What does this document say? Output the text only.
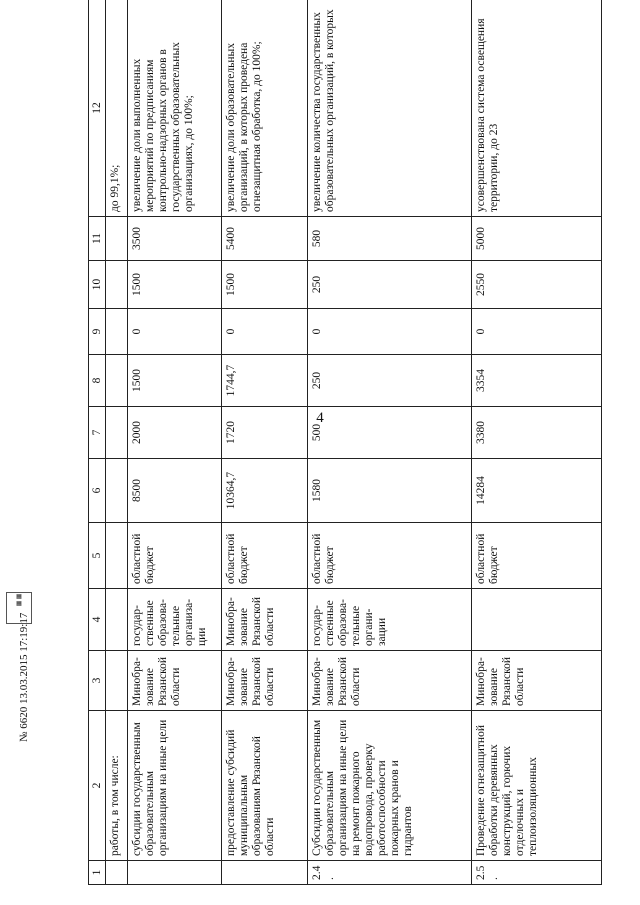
4
1	2	3	4	5	6	7	8	9	10	11	12
	работы, в том числе:										до 99,1%;
	субсидии государственным образовательным организациям на иные цели	Минобра-зование Рязанской области	государ-ственные образова-тельные организа-ции	областной бюджет	8500	2000	1500	0	1500	3500	увеличение доли выполненных мероприятий по предписаниям контрольно-надзорных органов в государственных образовательных организациях, до 100%;
	предоставление субсидий муниципальным образованиям Рязанской области	Минобра-зование Рязанской области	Минобра-зование Рязанской области	областной бюджет	10364,7	1720	1744,7	0	1500	5400	увеличение доли образовательных организаций, в которых проведена огнезащитная обработка, до 100%;
2.4.	Субсидии государственным образовательным организациям на иные цели на ремонт пожарного водопровода, проверку работоспособности пожарных кранов и гидрантов	Минобра-зование Рязанской области	государ-ственные образова-тельные органи-зации	областной бюджет	1580	500	250	0	250	580	увеличение количества государственных образовательных организаций, в которых
2.5.	Проведение огнезащитной обработки деревянных конструкций, горючих отделочных и теплоизоляционных	Минобра-зование Рязанской области		областной бюджет	14284	3380	3354	0	2550	5000	усовершенствована система освещения территории, до 23
▦
▦
№ 6620 13.03.2015 17:19:17
